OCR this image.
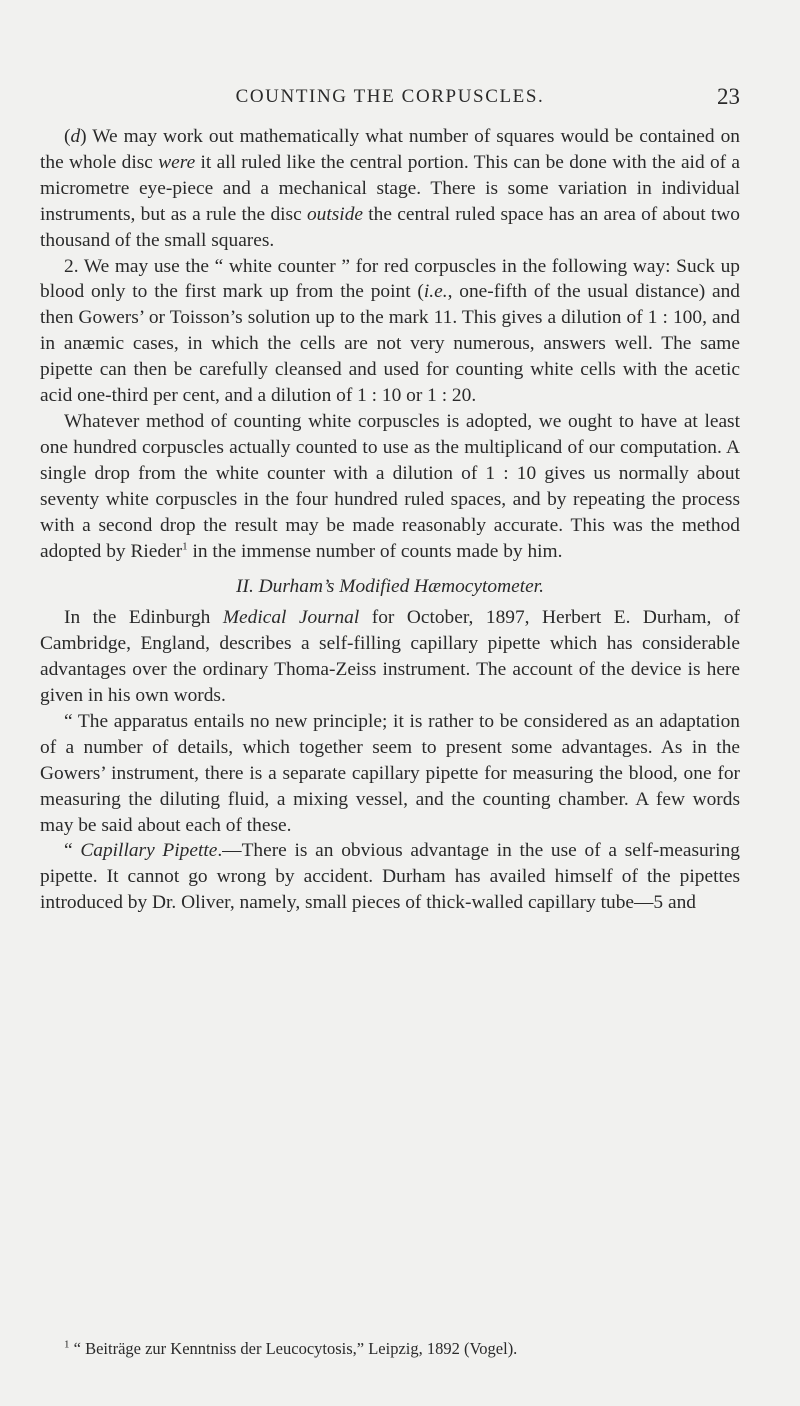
COUNTING THE CORPUSCLES.	23

(d) We may work out mathematically what number of squares would be contained on the whole disc were it all ruled like the central portion. This can be done with the aid of a micrometre eye-piece and a mechanical stage. There is some variation in individual instruments, but as a rule the disc outside the central ruled space has an area of about two thousand of the small squares.

2. We may use the “ white counter ” for red corpuscles in the following way: Suck up blood only to the first mark up from the point (i.e., one-fifth of the usual distance) and then Gowers’ or Toisson’s solution up to the mark 11. This gives a dilution of 1 : 100, and in anæmic cases, in which the cells are not very numerous, answers well. The same pipette can then be carefully cleansed and used for counting white cells with the acetic acid one-third per cent, and a dilution of 1 : 10 or 1 : 20.

Whatever method of counting white corpuscles is adopted, we ought to have at least one hundred corpuscles actually counted to use as the multiplicand of our computation. A single drop from the white counter with a dilution of 1 : 10 gives us normally about seventy white corpuscles in the four hundred ruled spaces, and by repeating the process with a second drop the result may be made reasonably accurate. This was the method adopted by Rieder$^1$ in the immense number of counts made by him.

II. Durham’s Modified Hæmocytometer.

In the Edinburgh Medical Journal for October, 1897, Herbert E. Durham, of Cambridge, England, describes a self-filling capillary pipette which has considerable advantages over the ordinary Thoma-Zeiss instrument. The account of the device is here given in his own words.

“ The apparatus entails no new principle; it is rather to be considered as an adaptation of a number of details, which together seem to present some advantages. As in the Gowers’ instrument, there is a separate capillary pipette for measuring the blood, one for measuring the diluting fluid, a mixing vessel, and the counting chamber. A few words may be said about each of these.

“ Capillary Pipette.—There is an obvious advantage in the use of a self-measuring pipette. It cannot go wrong by accident. Durham has availed himself of the pipettes introduced by Dr. Oliver, namely, small pieces of thick-walled capillary tube—5 and

$^1$ “ Beiträge zur Kenntniss der Leucocytosis,” Leipzig, 1892 (Vogel).
